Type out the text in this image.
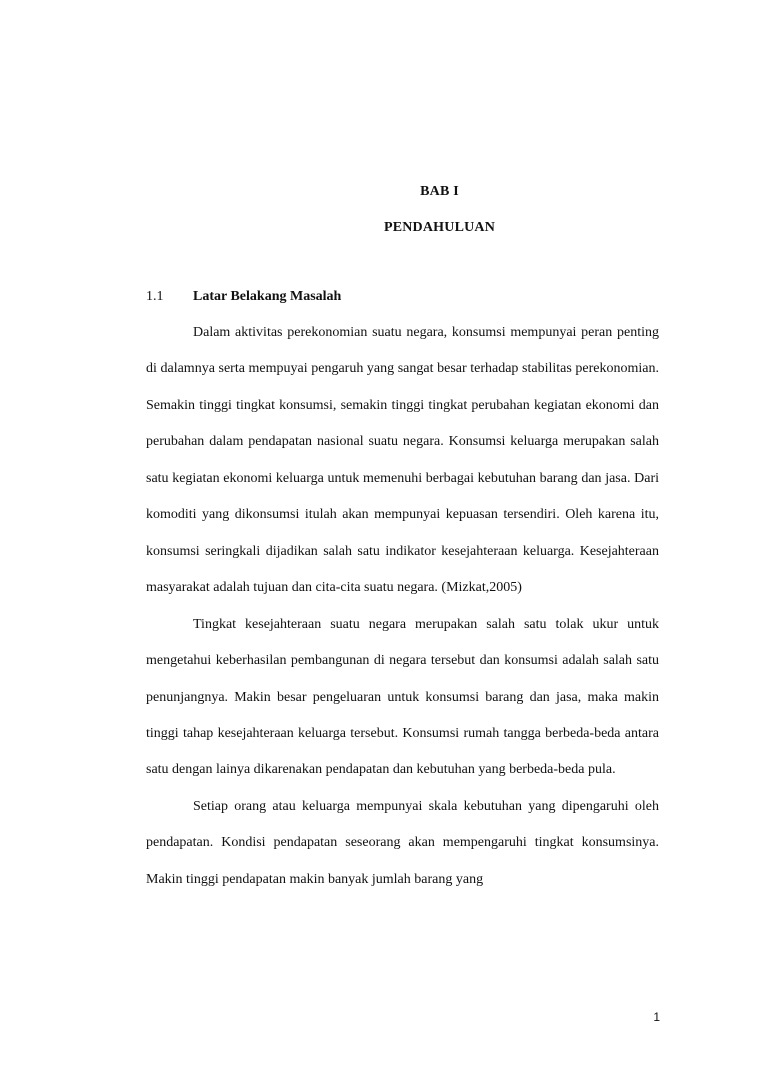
BAB I
PENDAHULUAN
1.1 Latar Belakang Masalah

Dalam aktivitas perekonomian suatu negara, konsumsi mempunyai peran penting di dalamnya serta mempuyai pengaruh yang sangat besar terhadap stabilitas perekonomian. Semakin tinggi tingkat konsumsi, semakin tinggi tingkat perubahan kegiatan ekonomi dan perubahan dalam pendapatan nasional suatu negara. Konsumsi keluarga merupakan salah satu kegiatan ekonomi keluarga untuk memenuhi berbagai kebutuhan barang dan jasa. Dari komoditi yang dikonsumsi itulah akan mempunyai kepuasan tersendiri. Oleh karena itu, konsumsi seringkali dijadikan salah satu indikator kesejahteraan keluarga. Kesejahteraan masyarakat adalah tujuan dan cita-cita suatu negara. (Mizkat,2005)

Tingkat kesejahteraan suatu negara merupakan salah satu tolak ukur untuk mengetahui keberhasilan pembangunan di negara tersebut dan konsumsi adalah salah satu penunjangnya. Makin besar pengeluaran untuk konsumsi barang dan jasa, maka makin tinggi tahap kesejahteraan keluarga tersebut. Konsumsi rumah tangga berbeda-beda antara satu dengan lainya dikarenakan pendapatan dan kebutuhan yang berbeda-beda pula.

Setiap orang atau keluarga mempunyai skala kebutuhan yang dipengaruhi oleh pendapatan. Kondisi pendapatan seseorang akan mempengaruhi tingkat konsumsinya. Makin tinggi pendapatan makin banyak jumlah barang yang

1
